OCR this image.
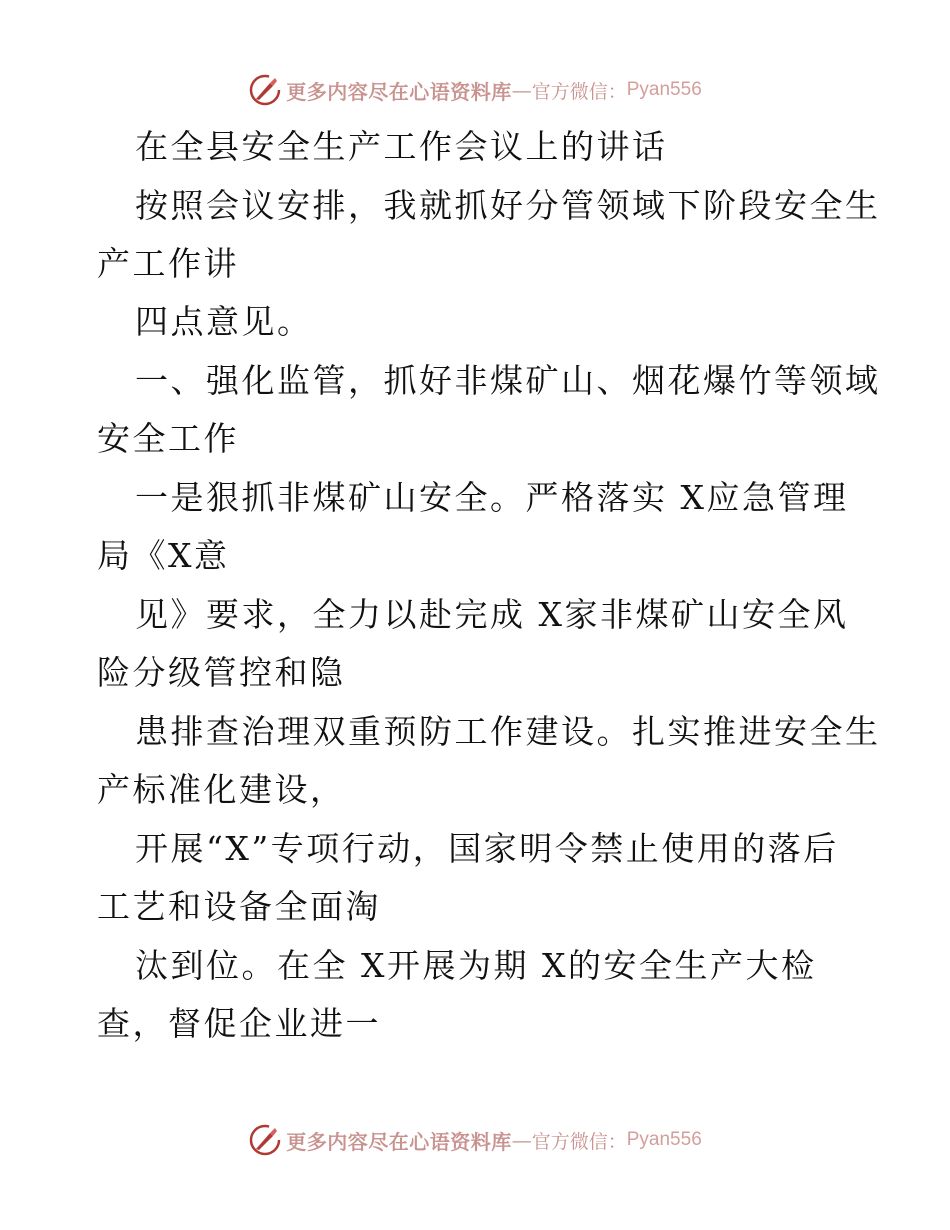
更多内容尽在心语资料库 — 官方微信： Pyan556
在全县安全生产工作会议上的讲话
按照会议安排，我就抓好分管领域下阶段安全生
产工作讲
四点意见。
一、强化监管，抓好非煤矿山、烟花爆竹等领域
安全工作
一是狠抓非煤矿山安全。严格落实 X应急管理
局《X意
见》要求，全力以赴完成 X家非煤矿山安全风
险分级管控和隐
患排查治理双重预防工作建设。扎实推进安全生
产标准化建设，
开展“X”专项行动，国家明令禁止使用的落后
工艺和设备全面淘
汰到位。在全 X开展为期 X的安全生产大检
查，督促企业进一
更多内容尽在心语资料库 — 官方微信： Pyan556
